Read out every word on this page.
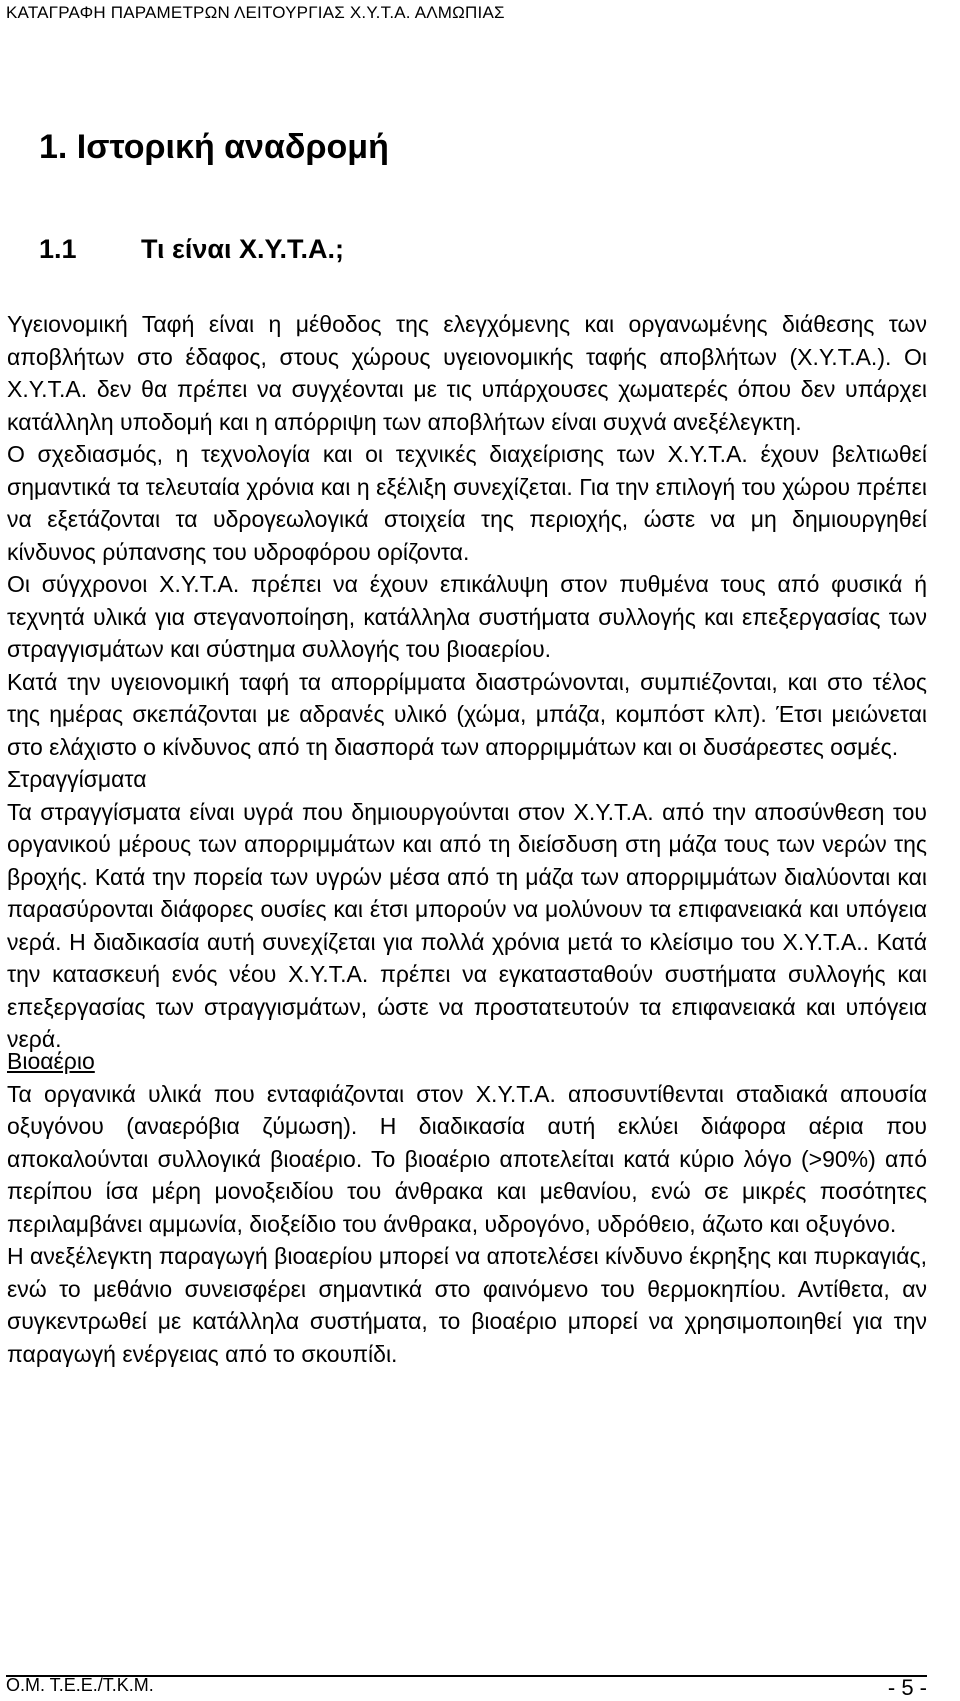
ΚΑΤΑΓΡΑΦΗ ΠΑΡΑΜΕΤΡΩΝ ΛΕΙΤΟΥΡΓΙΑΣ Χ.Υ.Τ.Α. ΑΛΜΩΠΙΑΣ
1. Ιστορική αναδρομή
1.1 Τι είναι Χ.Υ.Τ.Α.;

Υγειονομική Ταφή είναι η μέθοδος της ελεγχόμενης και οργανωμένης διάθεσης των αποβλήτων στο έδαφος, στους χώρους υγειονομικής ταφής αποβλήτων (Χ.Υ.Τ.Α.). Οι Χ.Υ.Τ.Α. δεν θα πρέπει να συγχέονται με τις υπάρχουσες χωματερές όπου δεν υπάρχει κατάλληλη υποδομή και η απόρριψη των αποβλήτων είναι συχνά ανεξέλεγκτη.

Ο σχεδιασμός, η τεχνολογία και οι τεχνικές διαχείρισης των Χ.Υ.Τ.Α. έχουν βελτιωθεί σημαντικά τα τελευταία χρόνια και η εξέλιξη συνεχίζεται. Για την επιλογή του χώρου πρέπει να εξετάζονται τα υδρογεωλογικά στοιχεία της περιοχής, ώστε να μη δημιουργηθεί κίνδυνος ρύπανσης του υδροφόρου ορίζοντα.

Οι σύγχρονοι Χ.Υ.Τ.Α. πρέπει να έχουν επικάλυψη στον πυθμένα τους από φυσικά ή τεχνητά υλικά για στεγανοποίηση, κατάλληλα συστήματα συλλογής και επεξεργασίας των στραγγισμάτων και σύστημα συλλογής του βιοαερίου.

Κατά την υγειονομική ταφή τα απορρίμματα διαστρώνονται, συμπιέζονται, και στο τέλος της ημέρας σκεπάζονται με αδρανές υλικό (χώμα, μπάζα, κομπόστ κλπ). Έτσι μειώνεται στο ελάχιστο ο κίνδυνος από τη διασπορά των απορριμμάτων και οι δυσάρεστες οσμές.

Στραγγίσματα

Τα στραγγίσματα είναι υγρά που δημιουργούνται στον Χ.Υ.Τ.Α. από την αποσύνθεση του οργανικού μέρους των απορριμμάτων και από τη διείσδυση στη μάζα τους των νερών της βροχής. Κατά την πορεία των υγρών μέσα από τη μάζα των απορριμμάτων διαλύονται και παρασύρονται διάφορες ουσίες και έτσι μπορούν να μολύνουν τα επιφανειακά και υπόγεια νερά. Η διαδικασία αυτή συνεχίζεται για πολλά χρόνια μετά το κλείσιμο του Χ.Υ.Τ.Α.. Κατά την κατασκευή ενός νέου Χ.Υ.Τ.Α. πρέπει να εγκατασταθούν συστήματα συλλογής και επεξεργασίας των στραγγισμάτων, ώστε να προστατευτούν τα επιφανειακά και υπόγεια νερά.

Βιοαέριο

Τα οργανικά υλικά που ενταφιάζονται στον Χ.Υ.Τ.Α. αποσυντίθενται σταδιακά απουσία οξυγόνου (αναερόβια ζύμωση). Η διαδικασία αυτή εκλύει διάφορα αέρια που αποκαλούνται συλλογικά βιοαέριο. Το βιοαέριο αποτελείται κατά κύριο λόγο (>90%) από περίπου ίσα μέρη μονοξειδίου του άνθρακα και μεθανίου, ενώ σε μικρές ποσότητες περιλαμβάνει αμμωνία, διοξείδιο του άνθρακα, υδρογόνο, υδρόθειο, άζωτο και οξυγόνο.

Η ανεξέλεγκτη παραγωγή βιοαερίου μπορεί να αποτελέσει κίνδυνο έκρηξης και πυρκαγιάς, ενώ το μεθάνιο συνεισφέρει σημαντικά στο φαινόμενο του θερμοκηπίου. Αντίθετα, αν συγκεντρωθεί με κατάλληλα συστήματα, το βιοαέριο μπορεί να χρησιμοποιηθεί για την παραγωγή ενέργειας από το σκουπίδι.

Ο.Μ. Τ.Ε.Ε./Τ.Κ.Μ.	- 5 -
